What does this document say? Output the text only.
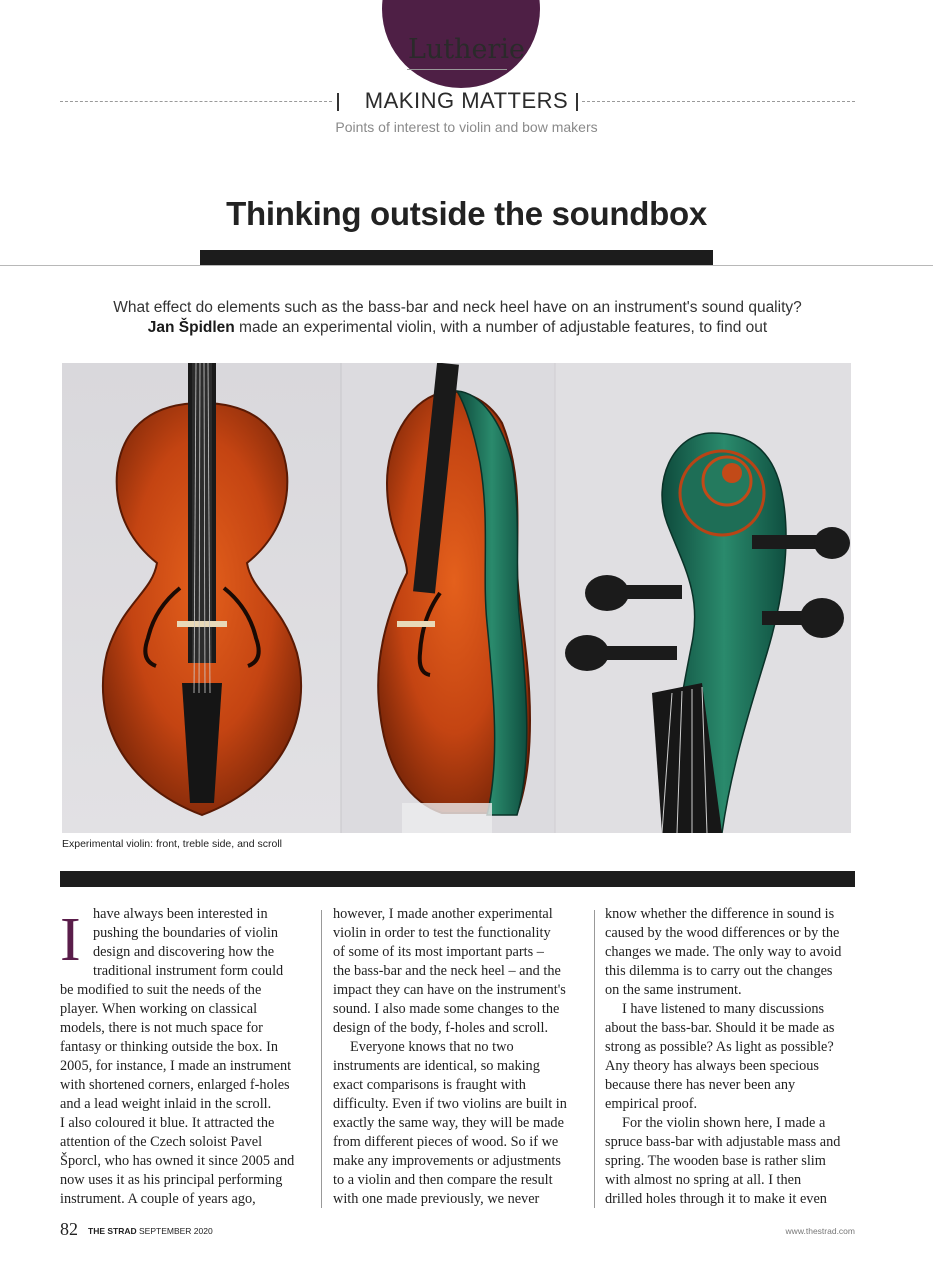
Lutherie
MAKING MATTERS
Points of interest to violin and bow makers
Thinking outside the soundbox
What effect do elements such as the bass-bar and neck heel have on an instrument's sound quality?
Jan Špidlen made an experimental violin, with a number of adjustable features, to find out
Experimental violin: front, treble side, and scroll
I have always been interested in
pushing the boundaries of violin
design and discovering how the
traditional instrument form could
be modified to suit the needs of the
player. When working on classical
models, there is not much space for
fantasy or thinking outside the box. In
2005, for instance, I made an instrument
with shortened corners, enlarged f-holes
and a lead weight inlaid in the scroll.
I also coloured it blue. It attracted the
attention of the Czech soloist Pavel
Šporcl, who has owned it since 2005 and
now uses it as his principal performing
instrument. A couple of years ago,
however, I made another experimental
violin in order to test the functionality
of some of its most important parts –
the bass-bar and the neck heel – and the
impact they can have on the instrument's
sound. I also made some changes to the
design of the body, f-holes and scroll.
Everyone knows that no two
instruments are identical, so making
exact comparisons is fraught with
difficulty. Even if two violins are built in
exactly the same way, they will be made
from different pieces of wood. So if we
make any improvements or adjustments
to a violin and then compare the result
with one made previously, we never
know whether the difference in sound is
caused by the wood differences or by the
changes we made. The only way to avoid
this dilemma is to carry out the changes
on the same instrument.
I have listened to many discussions
about the bass-bar. Should it be made as
strong as possible? As light as possible?
Any theory has always been specious
because there has never been any
empirical proof.
For the violin shown here, I made a
spruce bass-bar with adjustable mass and
spring. The wooden base is rather slim
with almost no spring at all. I then
drilled holes through it to make it even
82 THE STRAD SEPTEMBER 2020	www.thestrad.com
